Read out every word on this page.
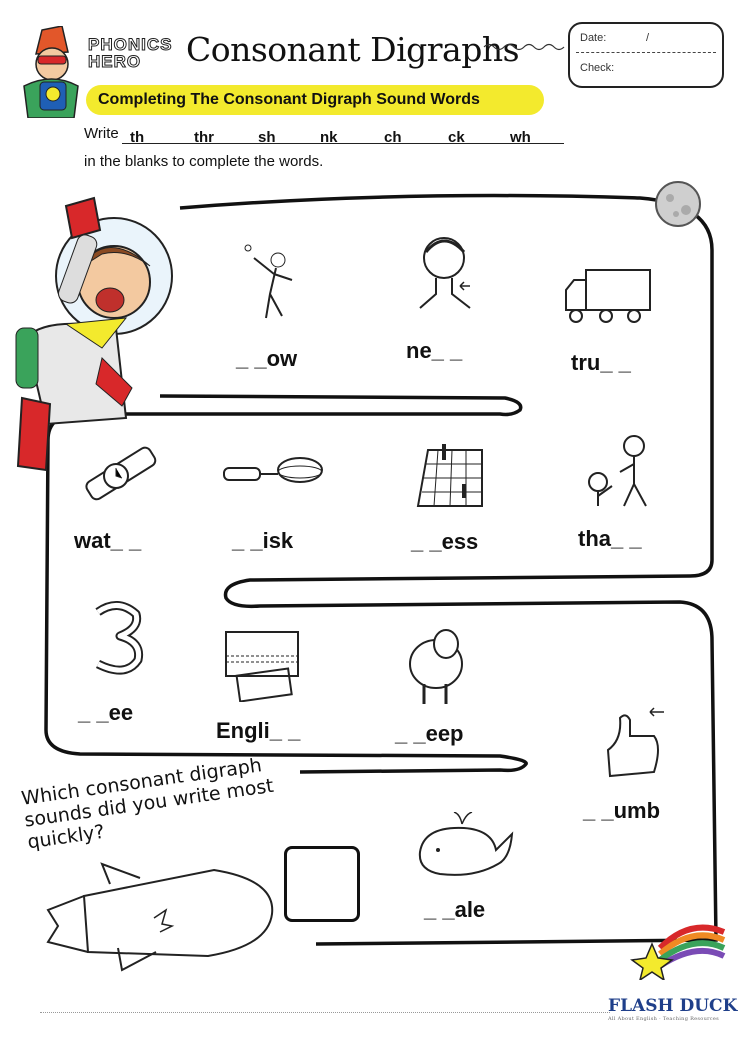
PHONICS
HERO	Consonant Digraphs	Date:	/
Check:
Completing The Consonant Digraph Sound Words
Write th	thr	sh	nk	ch	ck	wh
in the blanks to complete the words.
_ _ow	ne_ _	tru_ _
wat_ _	_ _isk	_ _ess	tha_ _
_ _ee
Engli_ _	_ _eep
_ _umb
_ _ale
Which consonant digraph sounds did you write most quickly?
FLASH DUCK
All About English · Teaching Resources
